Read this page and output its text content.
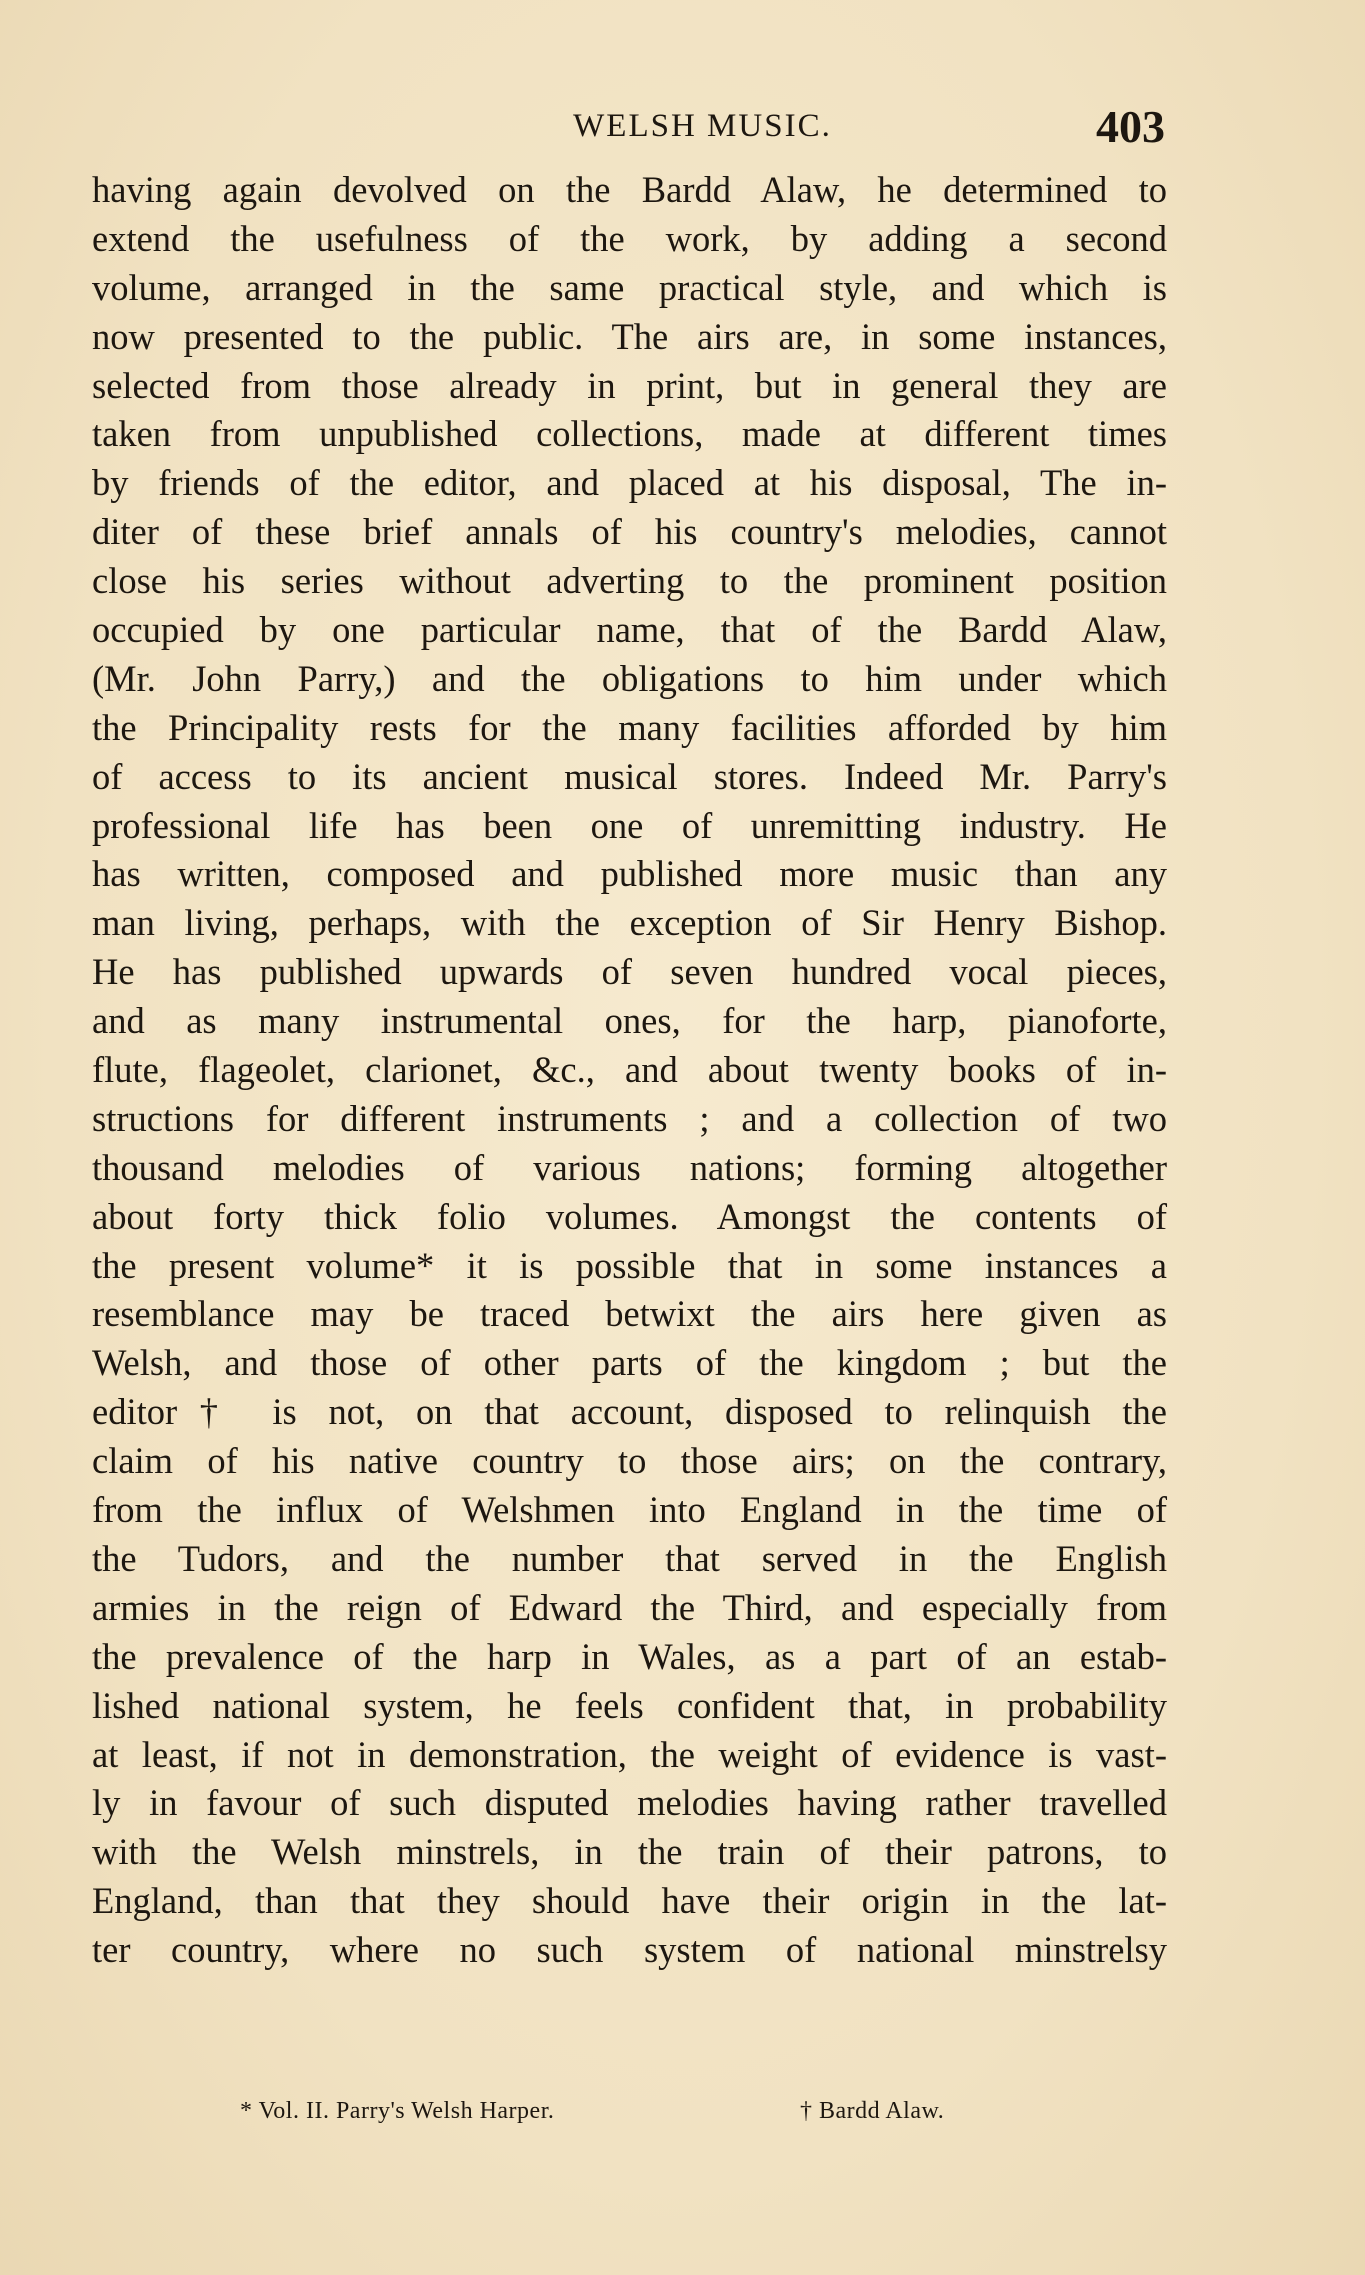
WELSH MUSIC.	403
having again devolved on the Bardd Alaw, he determined to
extend the usefulness of the work, by adding a second
volume, arranged in the same practical style, and which is
now presented to the public. The airs are, in some instances,
selected from those already in print, but in general they are
taken from unpublished collections, made at different times
by friends of the editor, and placed at his disposal, The in-
diter of these brief annals of his country's melodies, cannot
close his series without adverting to the prominent position
occupied by one particular name, that of the Bardd Alaw,
(Mr. John Parry,) and the obligations to him under which
the Principality rests for the many facilities afforded by him
of access to its ancient musical stores. Indeed Mr. Parry's
professional life has been one of unremitting industry. He
has written, composed and published more music than any
man living, perhaps, with the exception of Sir Henry Bishop.
He has published upwards of seven hundred vocal pieces,
and as many instrumental ones, for the harp, pianoforte,
flute, flageolet, clarionet, &c., and about twenty books of in-
structions for different instruments ; and a collection of two
thousand melodies of various nations; forming altogether
about forty thick folio volumes. Amongst the contents of
the present volume* it is possible that in some instances a
resemblance may be traced betwixt the airs here given as
Welsh, and those of other parts of the kingdom ; but the
editor† is not, on that account, disposed to relinquish the
claim of his native country to those airs; on the contrary,
from the influx of Welshmen into England in the time of
the Tudors, and the number that served in the English
armies in the reign of Edward the Third, and especially from
the prevalence of the harp in Wales, as a part of an estab-
lished national system, he feels confident that, in probability
at least, if not in demonstration, the weight of evidence is vast-
ly in favour of such disputed melodies having rather travelled
with the Welsh minstrels, in the train of their patrons, to
England, than that they should have their origin in the lat-
ter country, where no such system of national minstrelsy
* Vol. II. Parry's Welsh Harper.	† Bardd Alaw.
